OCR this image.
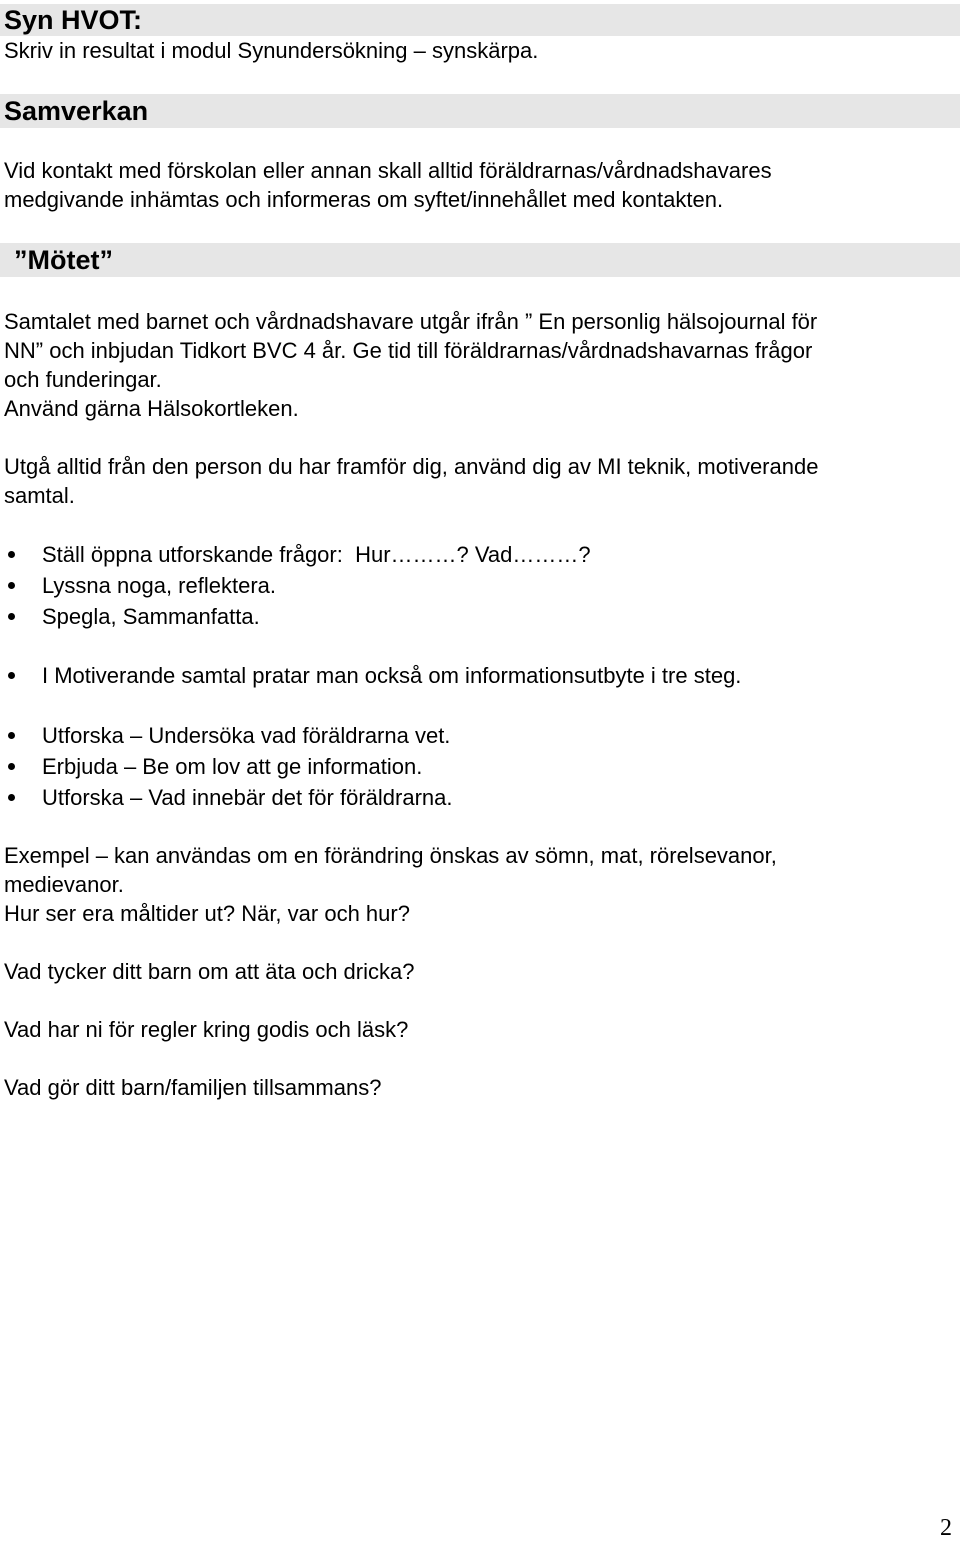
Syn HVOT:
Skriv in resultat i modul Synundersökning – synskärpa.
Samverkan
Vid kontakt med förskolan eller annan skall alltid föräldrarnas/vårdnadshavares
medgivande inhämtas och informeras om syftet/innehållet med kontakten.
”Mötet”
Samtalet med barnet och vårdnadshavare utgår ifrån ” En personlig hälsojournal för
NN” och inbjudan Tidkort BVC 4 år. Ge tid till föräldrarnas/vårdnadshavarnas frågor
och funderingar.
Använd gärna Hälsokortleken.
Utgå alltid från den person du har framför dig, använd dig av MI teknik, motiverande
samtal.
Ställ öppna utforskande frågor:  Hur………? Vad………?
Lyssna noga, reflektera.
Spegla, Sammanfatta.
I Motiverande samtal pratar man också om informationsutbyte i tre steg.
Utforska – Undersöka vad föräldrarna vet.
Erbjuda – Be om lov att ge information.
Utforska – Vad innebär det för föräldrarna.
Exempel – kan användas om en förändring önskas av sömn, mat, rörelsevanor,
medievanor.
Hur ser era måltider ut? När, var och hur?
Vad tycker ditt barn om att äta och dricka?
Vad har ni för regler kring godis och läsk?
Vad gör ditt barn/familjen tillsammans?
2
